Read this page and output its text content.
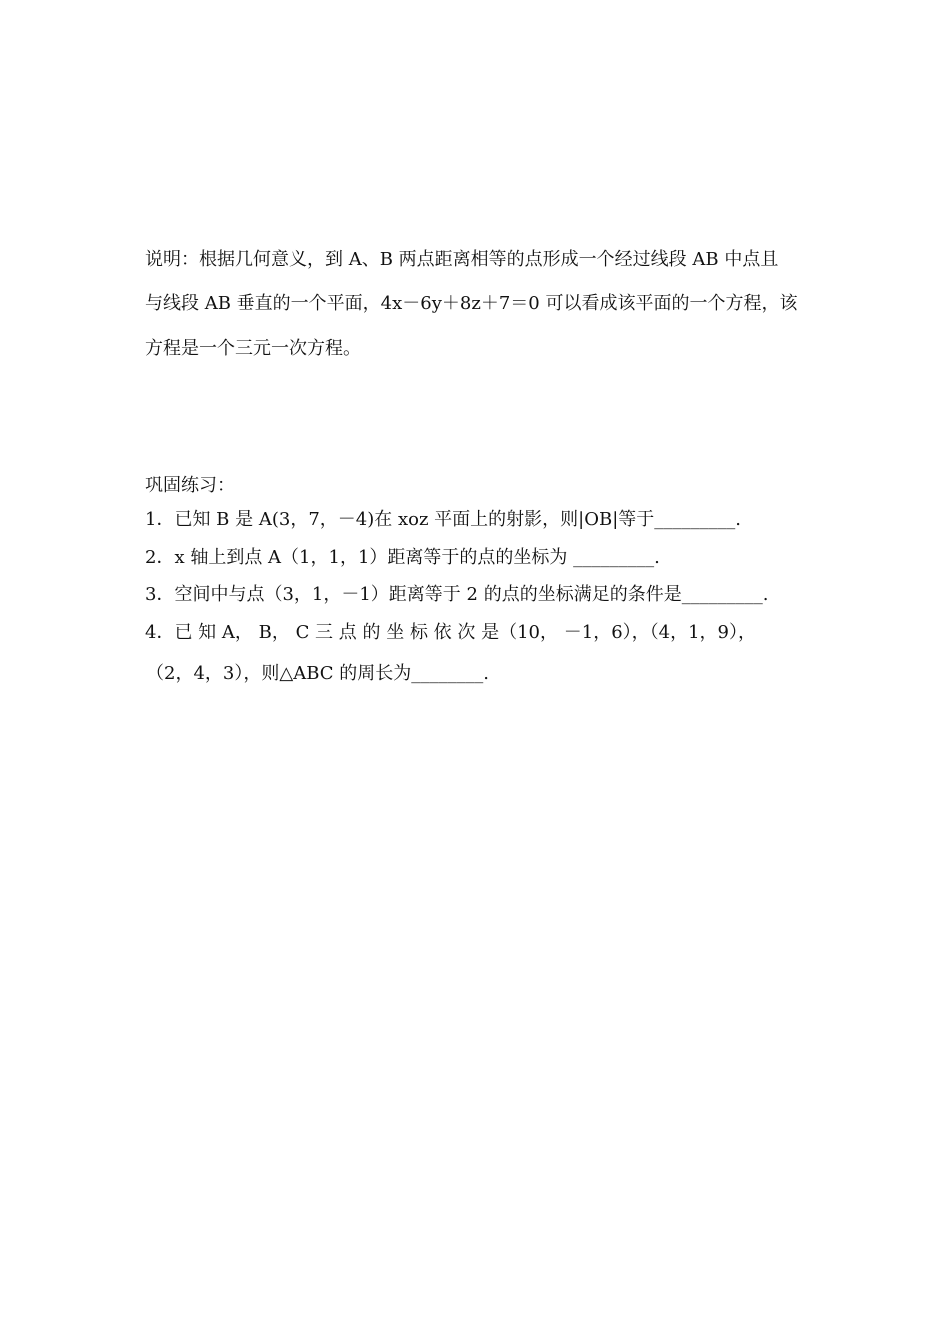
说明：根据几何意义，到 A、B 两点距离相等的点形成一个经过线段 AB 中点且
与线段 AB 垂直的一个平面，4x－6y＋8z＋7＝0 可以看成该平面的一个方程，该
方程是一个三元一次方程。
巩固练习：
1．已知 B 是 A(3，7，－4)在 xoz 平面上的射影，则|OB|等于_________.
2．x 轴上到点 A（1，1，1）距离等于的点的坐标为 _________.
3．空间中与点（3，1，－1）距离等于 2 的点的坐标满足的条件是_________.
4．已 知 A， B， C 三 点 的 坐 标 依 次 是（10， －1，6），（4，1，9），
（2，4，3），则△ABC 的周长为________.
